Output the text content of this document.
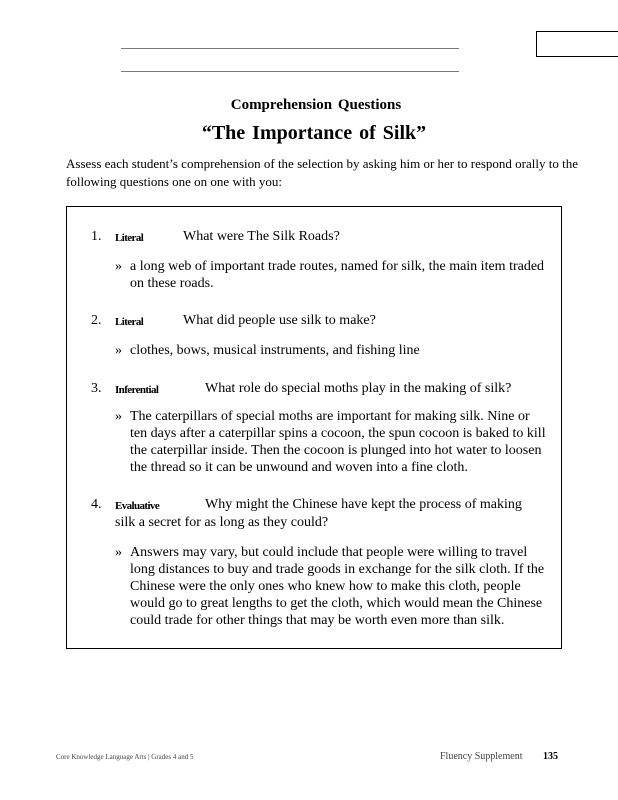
Comprehension Questions
“The Importance of Silk”

Assess each student’s comprehension of the selection by asking him or her to respond orally to the following questions one on one with you:

1. Literal	What were The Silk Roads?

» a long web of important trade routes, named for silk, the main item traded on these roads.

2. Literal	What did people use silk to make?

» clothes, bows, musical instruments, and fishing line

3. Inferential	What role do special moths play in the making of silk?

» The caterpillars of special moths are important for making silk. Nine or ten days after a caterpillar spins a cocoon, the spun cocoon is baked to kill the caterpillar inside. Then the cocoon is plunged into hot water to loosen the thread so it can be unwound and woven into a fine cloth.

4. Evaluative	Why might the Chinese have kept the process of making silk a secret for as long as they could?

» Answers may vary, but could include that people were willing to travel long distances to buy and trade goods in exchange for the silk cloth. If the Chinese were the only ones who knew how to make this cloth, people would go to great lengths to get the cloth, which would mean the Chinese could trade for other things that may be worth even more than silk.

Core Knowledge Language Arts | Grades 4 and 5	Fluency Supplement 135
